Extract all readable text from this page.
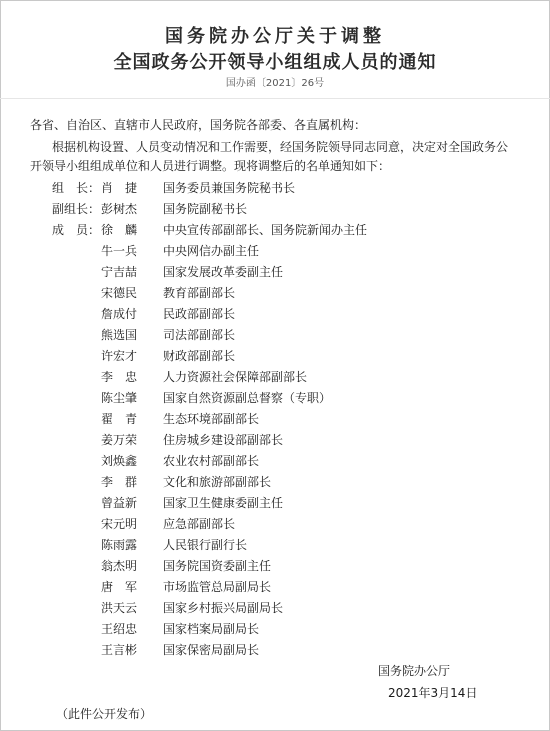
国务院办公厅关于调整
全国政务公开领导小组组成人员的通知
国办函〔2021〕26号
各省、自治区、直辖市人民政府，国务院各部委、各直属机构：
根据机构设置、人员变动情况和工作需要，经国务院领导同志同意，决定对全国政务公
开领导小组组成单位和人员进行调整。现将调整后的名单通知如下：
组　长： 肖　捷	国务委员兼国务院秘书长
副组长： 彭树杰	国务院副秘书长
成　员： 徐　麟	中央宣传部副部长、国务院新闻办主任
牛一兵	中央网信办副主任
宁吉喆	国家发展改革委副主任
宋德民	教育部副部长
詹成付	民政部副部长
熊选国	司法部副部长
许宏才	财政部副部长
李　忠	人力资源社会保障部副部长
陈尘肇	国家自然资源副总督察（专职）
翟　青	生态环境部副部长
姜万荣	住房城乡建设部副部长
刘焕鑫	农业农村部副部长
李　群	文化和旅游部副部长
曾益新	国家卫生健康委副主任
宋元明	应急部副部长
陈雨露	人民银行副行长
翁杰明	国务院国资委副主任
唐　军	市场监管总局副局长
洪天云	国家乡村振兴局副局长
王绍忠	国家档案局副局长
王言彬	国家保密局副局长
国务院办公厅
2021年3月14日
（此件公开发布）
